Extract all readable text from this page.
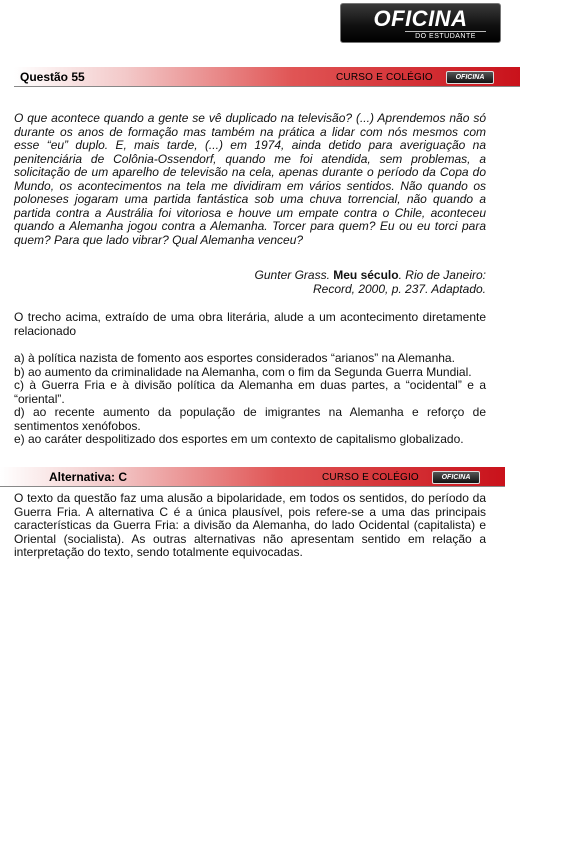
OFICINA
DO ESTUDANTE
Questão 55	CURSO E COLÉGIO	OFICINA

O que acontece quando a gente se vê duplicado na televisão? (...) Aprendemos não só durante os anos de formação mas também na prática a lidar com nós mesmos com esse “eu” duplo. E, mais tarde, (...) em 1974, ainda detido para averiguação na penitenciária de Colônia-Ossendorf, quando me foi atendida, sem problemas, a solicitação de um aparelho de televisão na cela, apenas durante o período da Copa do Mundo, os acontecimentos na tela me dividiram em vários sentidos. Não quando os poloneses jogaram uma partida fantástica sob uma chuva torrencial, não quando a partida contra a Austrália foi vitoriosa e houve um empate contra o Chile, aconteceu quando a Alemanha jogou contra a Alemanha. Torcer para quem? Eu ou eu torci para quem? Para que lado vibrar? Qual Alemanha venceu?

Gunter Grass. Meu século. Rio de Janeiro:
Record, 2000, p. 237. Adaptado.

O trecho acima, extraído de uma obra literária, alude a um acontecimento diretamente relacionado

a) à política nazista de fomento aos esportes considerados “arianos” na Alemanha.
b) ao aumento da criminalidade na Alemanha, com o fim da Segunda Guerra Mundial.
c) à Guerra Fria e à divisão política da Alemanha em duas partes, a “ocidental” e a “oriental”.
d) ao recente aumento da população de imigrantes na Alemanha e reforço de sentimentos xenófobos.
e) ao caráter despolitizado dos esportes em um contexto de capitalismo globalizado.
Alternativa: C	CURSO E COLÉGIO	OFICINA

O texto da questão faz uma alusão a bipolaridade, em todos os sentidos, do período da Guerra Fria. A alternativa C é a única plausível, pois refere-se a uma das principais características da Guerra Fria: a divisão da Alemanha, do lado Ocidental (capitalista) e Oriental (socialista). As outras alternativas não apresentam sentido em relação a interpretação do texto, sendo totalmente equivocadas.
